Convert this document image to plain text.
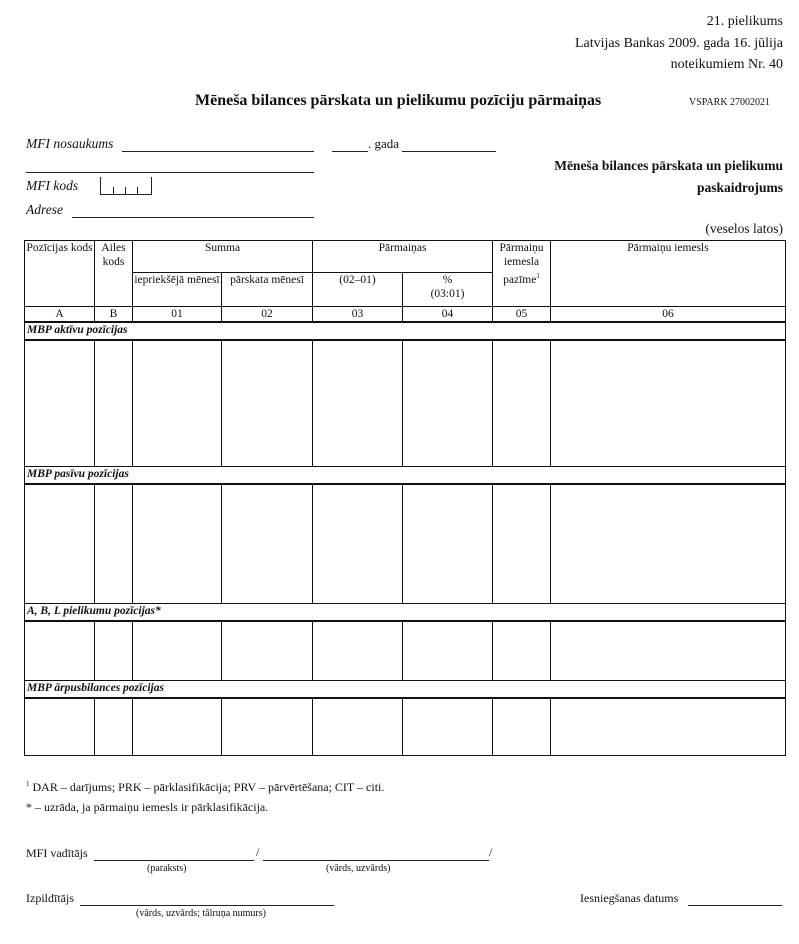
21. pielikums
Latvijas Bankas 2009. gada 16. jūlija
noteikumiem Nr. 40
Mēneša bilances pārskata un pielikumu pozīciju pārmaiņas	VSPARK 27002021
MFI nosaukums	. gada
Mēneša bilances pārskata un pielikumu
paskaidrojums
MFI kods
Adrese
(veselos latos)
Pozīcijas kods	Ailes kods	Summa		Pārmaiņas		Pārmaiņu iemesla pazīme$^1$	Pārmaiņu iemesls
		iepriekšējā mēnesī	pārskata mēnesī	(02–01)	%
(03:01)		

A	B	01	02	03	04	05	06
MBP aktīvu pozīcijas							

MBP pasīvu pozīcijas							

A, B, L pielikumu pozīcijas*							

MBP ārpusbilances pozīcijas							

$^1$ DAR – darījums; PRK – pārklasifikācija; PRV – pārvērtēšana; CIT – citi.
* – uzrāda, ja pārmaiņu iemesls ir pārklasifikācija.
MFI vadītājs	/	/
(paraksts)	(vārds, uzvārds)
Izpildītājs
(vārds, uzvārds; tālruņa numurs)
Iesniegšanas datums
